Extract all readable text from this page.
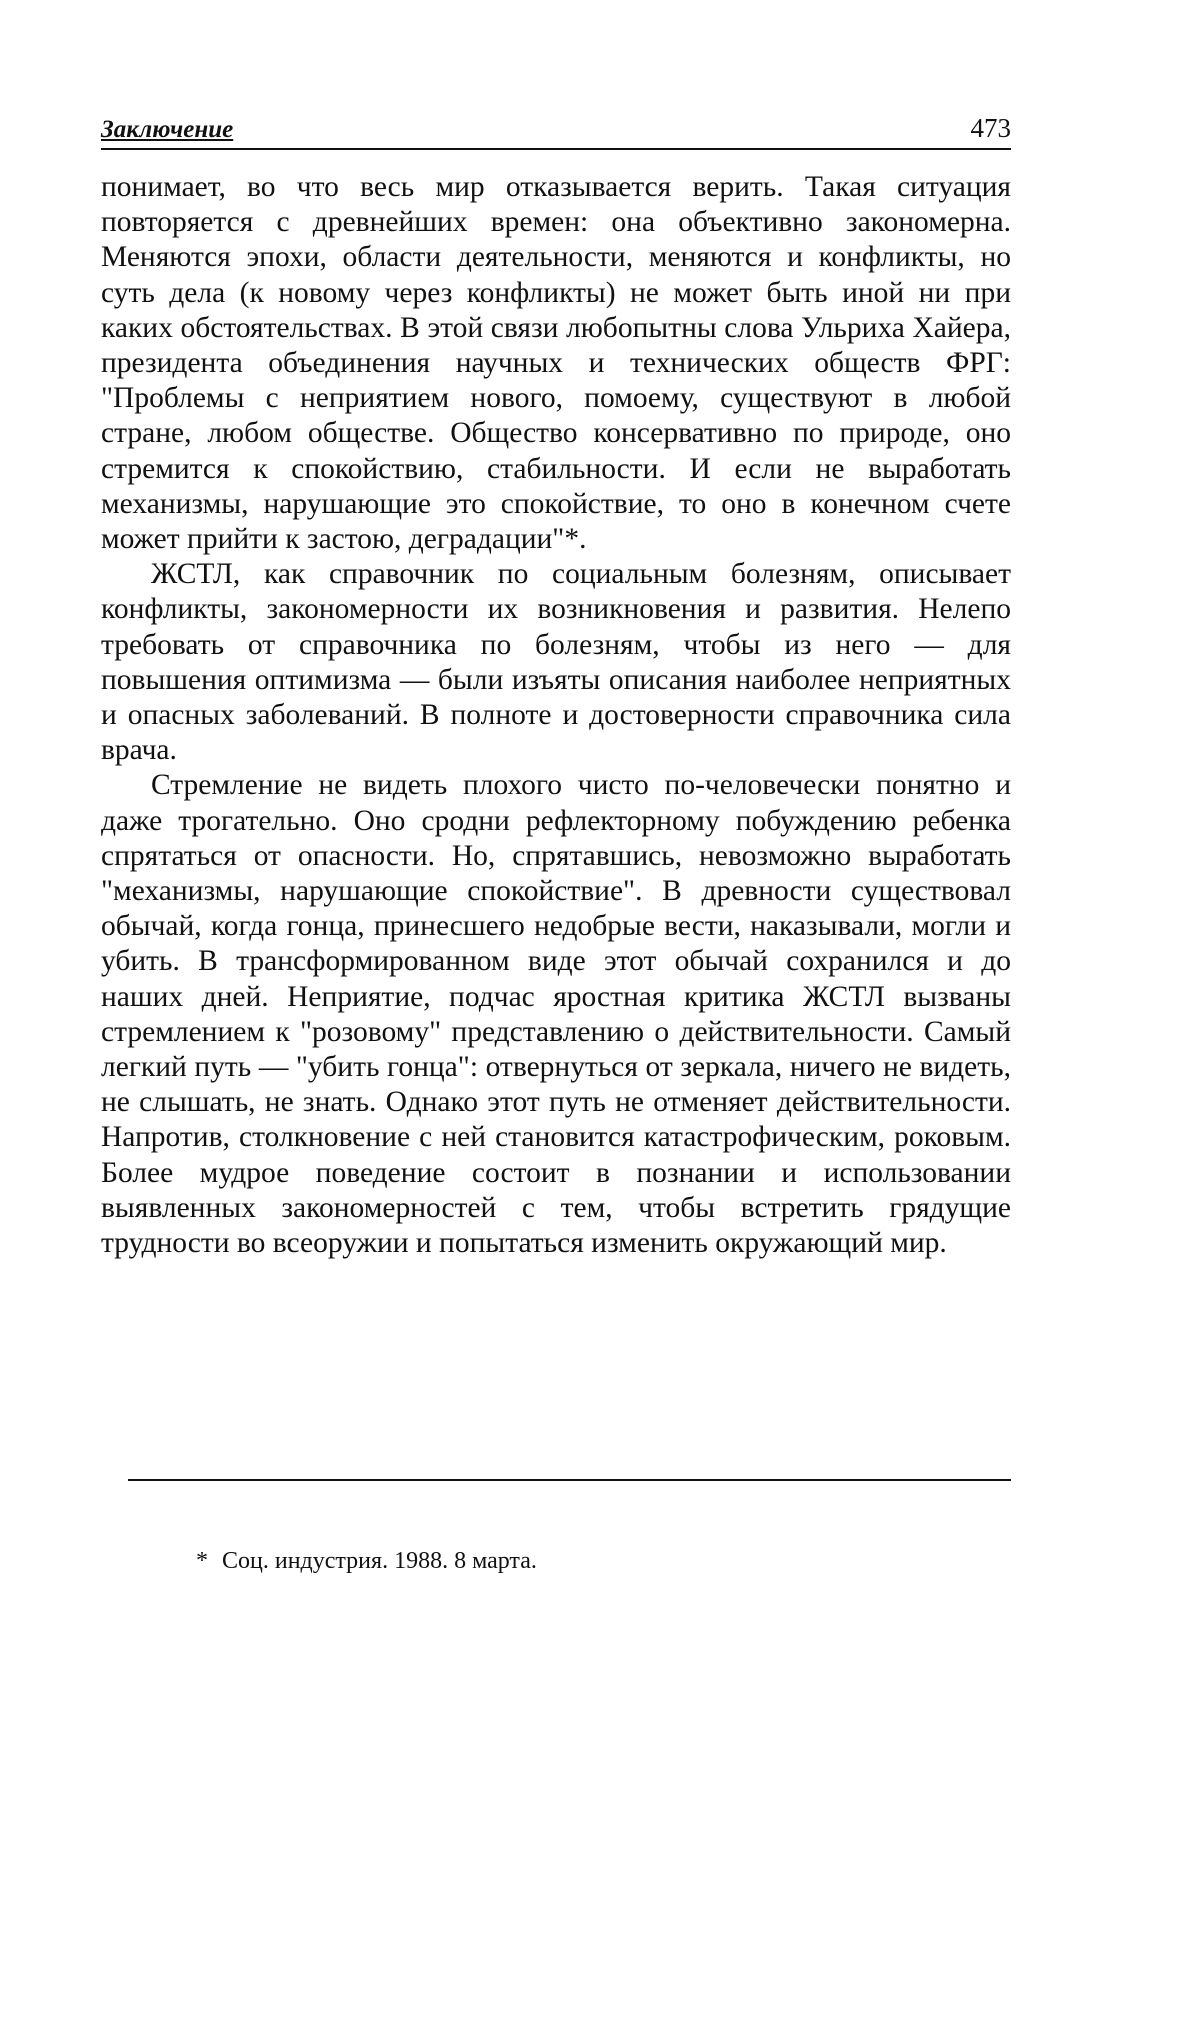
Заключение	473

понимает, во что весь мир отказывается верить. Такая ситуация повторяется с древнейших времен: она объективно закономерна. Меняются эпохи, области деятельности, меняются и конфликты, но суть дела (к новому через конфликты) не может быть иной ни при каких обстоятельствах. В этой связи любопытны слова Ульриха Хайера, президента объединения научных и технических обществ ФРГ: "Проблемы с неприятием нового, помоему, существуют в любой стране, любом обществе. Общество консервативно по природе, оно стремится к спокойствию, стабильности. И если не выработать механизмы, нарушающие это спокойствие, то оно в конечном счете может прийти к застою, деградации"*.

ЖСТЛ, как справочник по социальным болезням, описывает конфликты, закономерности их возникновения и развития. Нелепо требовать от справочника по болезням, чтобы из него — для повышения оптимизма — были изъяты описания наиболее неприятных и опасных заболеваний. В полноте и достоверности справочника сила врача.

Стремление не видеть плохого чисто по-человечески понятно и даже трогательно. Оно сродни рефлекторному побуждению ребенка спрятаться от опасности. Но, спрятавшись, невозможно выработать "механизмы, нарушающие спокойствие". В древности существовал обычай, когда гонца, принесшего недобрые вести, наказывали, могли и убить. В трансформированном виде этот обычай сохранился и до наших дней. Неприятие, подчас яростная критика ЖСТЛ вызваны стремлением к "розовому" представлению о действительности. Самый легкий путь — "убить гонца": отвернуться от зеркала, ничего не видеть, не слышать, не знать. Однако этот путь не отменяет действительности. Напротив, столкновение с ней становится катастрофическим, роковым. Более мудрое поведение состоит в познании и использовании выявленных закономерностей с тем, чтобы встретить грядущие трудности во всеоружии и попытаться изменить окружающий мир.

* Соц. индустрия. 1988. 8 марта.
